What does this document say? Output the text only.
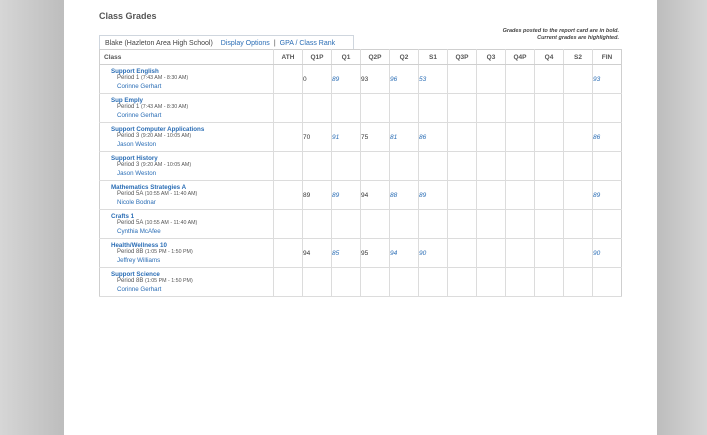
Class Grades
Grades posted to the report card are in bold.
Current grades are highlighted.
Blake (Hazleton Area High School) Display Options | GPA / Class Rank
Class	ATH	Q1P	Q1	Q2P	Q2	S1	Q3P	Q3	Q4P	Q4	S2	FIN

Support English
Period 1 (7:43 AM - 8:30 AM)
Corinne Gerhart		0	89	93	96	53						93

Sup Emply
Period 1 (7:43 AM - 8:30 AM)
Corinne Gerhart												

Support Computer Applications
Period 3 (9:20 AM - 10:05 AM)
Jason Weston		70	91	75	81	86						86

Support History
Period 3 (9:20 AM - 10:05 AM)
Jason Weston												

Mathematics Strategies A
Period 5A (10:55 AM - 11:40 AM)
Nicole Bodnar		89	89	94	88	89						89

Crafts 1
Period 5A (10:55 AM - 11:40 AM)
Cynthia McAfee												

Health/Wellness 10
Period 8B (1:05 PM - 1:50 PM)
Jeffrey Williams		94	85	95	94	90						90

Support Science
Period 8B (1:05 PM - 1:50 PM)
Corinne Gerhart												
